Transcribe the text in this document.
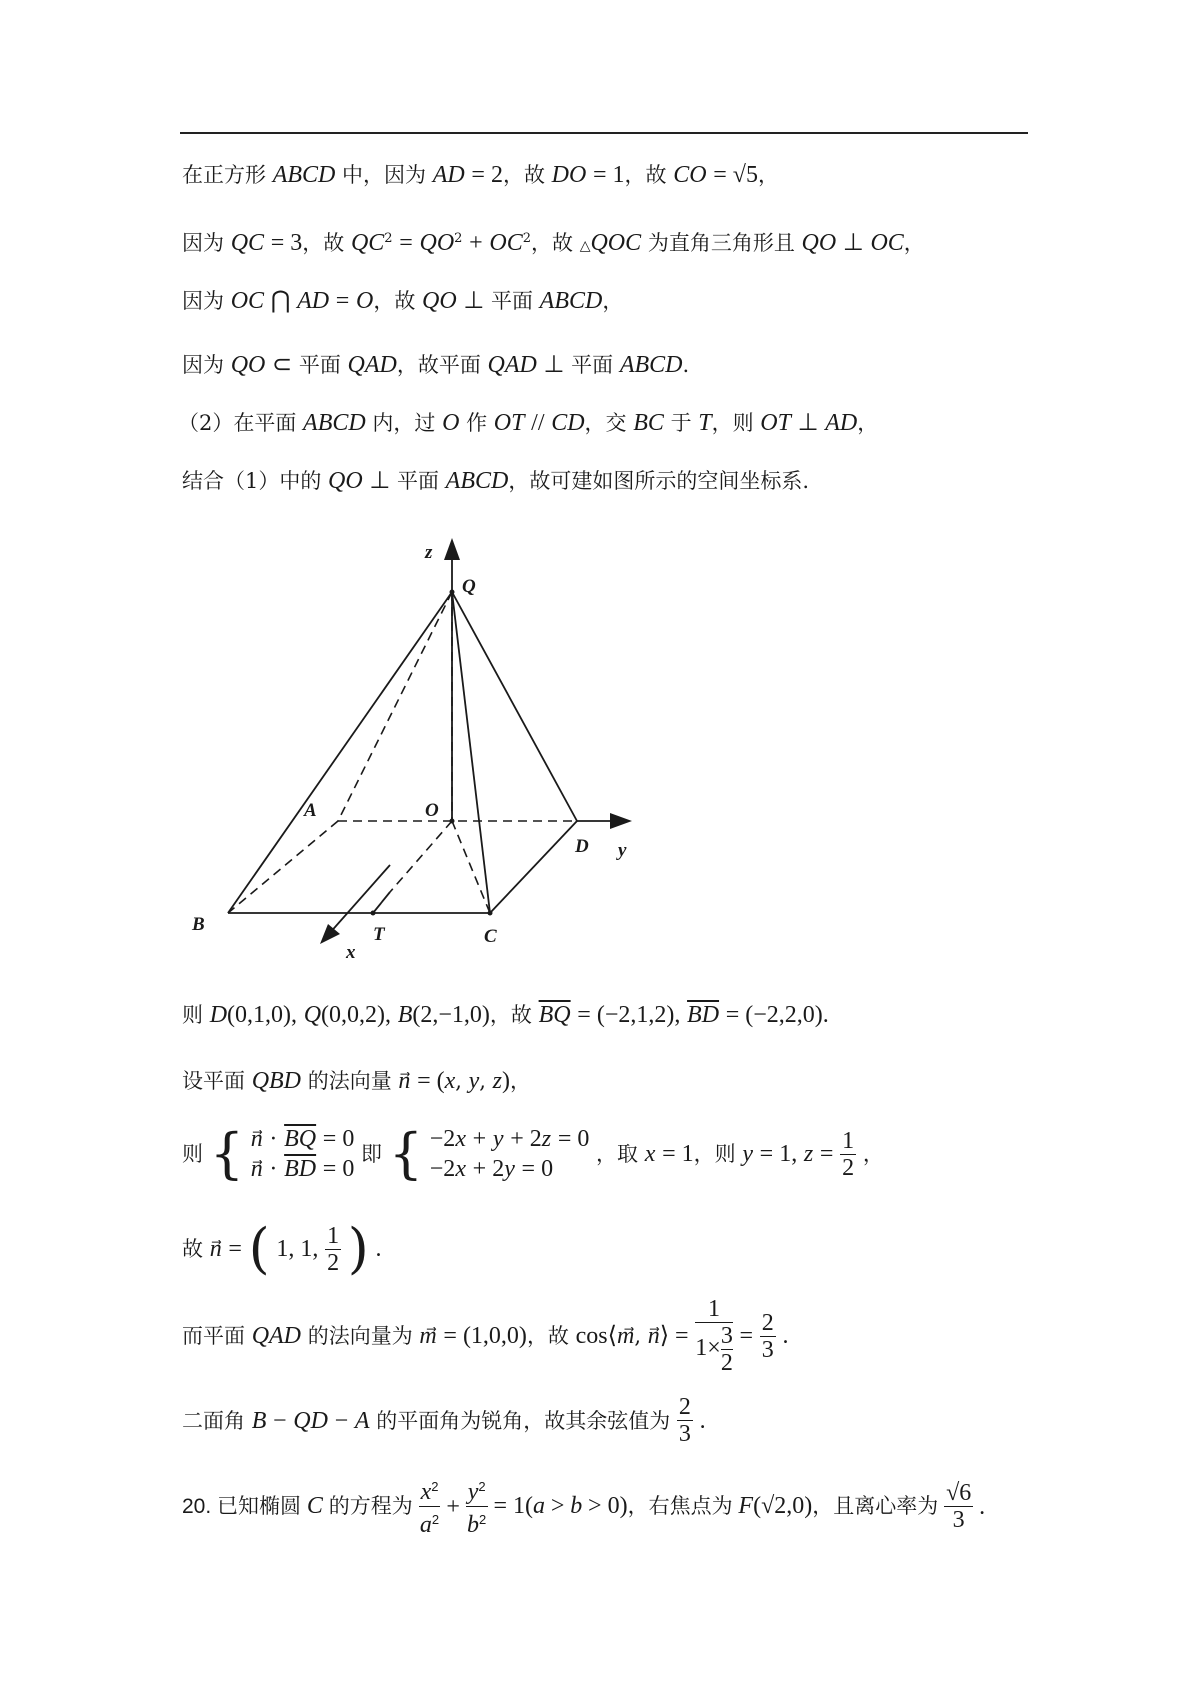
在正方形 ABCD 中，因为 AD = 2，故 DO = 1，故 CO = √5，
因为 QC = 3，故 $QC^2 = QO^2 + OC^2$，故 △QOC 为直角三角形且 QO ⊥ OC，
因为 OC ⋂ AD = O，故 QO ⊥ 平面 ABCD，
因为 QO ⊂ 平面 QAD，故平面 QAD ⊥ 平面 ABCD.
（2）在平面 ABCD 内，过 O 作 OT // CD，交 BC 于 T，则 OT ⊥ AD，
结合（1）中的 QO ⊥ 平面 ABCD，故可建如图所示的空间坐标系.
z
Q
A	O
D y
B	T	C
x
则 D(0,1,0), Q(0,0,2), B(2,−1,0)，故 $\overline{BQ} = (-2,1,2)$, $\overline{BD} = (-2,2,0)$.
设平面 QBD 的法向量 n⃗ = (x, y, z)，
则 { n⃗ · $\overline{BQ} = 0$
n⃗ · $\overline{BD} = 0$ 即 { −2x + y + 2z = 0
−2x + 2y = 0 ，取 x = 1，则 y = 1, $z = \frac{1}{2}$ ，
故 n⃗ = ( 1, 1, $\frac{1}{2}$ ) .
而平面 QAD 的法向量为 m⃗ = (1,0,0)，故 cos⟨m⃗, n⟩ = $\frac{1}{1\times \frac{3}{2}} = \frac{2}{3}$ .
二面角 B − QD − A 的平面角为锐角，故其余弦值为 $\frac{2}{3}$ .
20. 已知椭圆 C 的方程为 $\frac{x^2}{a^2} + \frac{y^2}{b^2} = 1(a > b > 0)$，右焦点为 F(√2,0)，且离心率为 $\frac{√6}{3}$ .
